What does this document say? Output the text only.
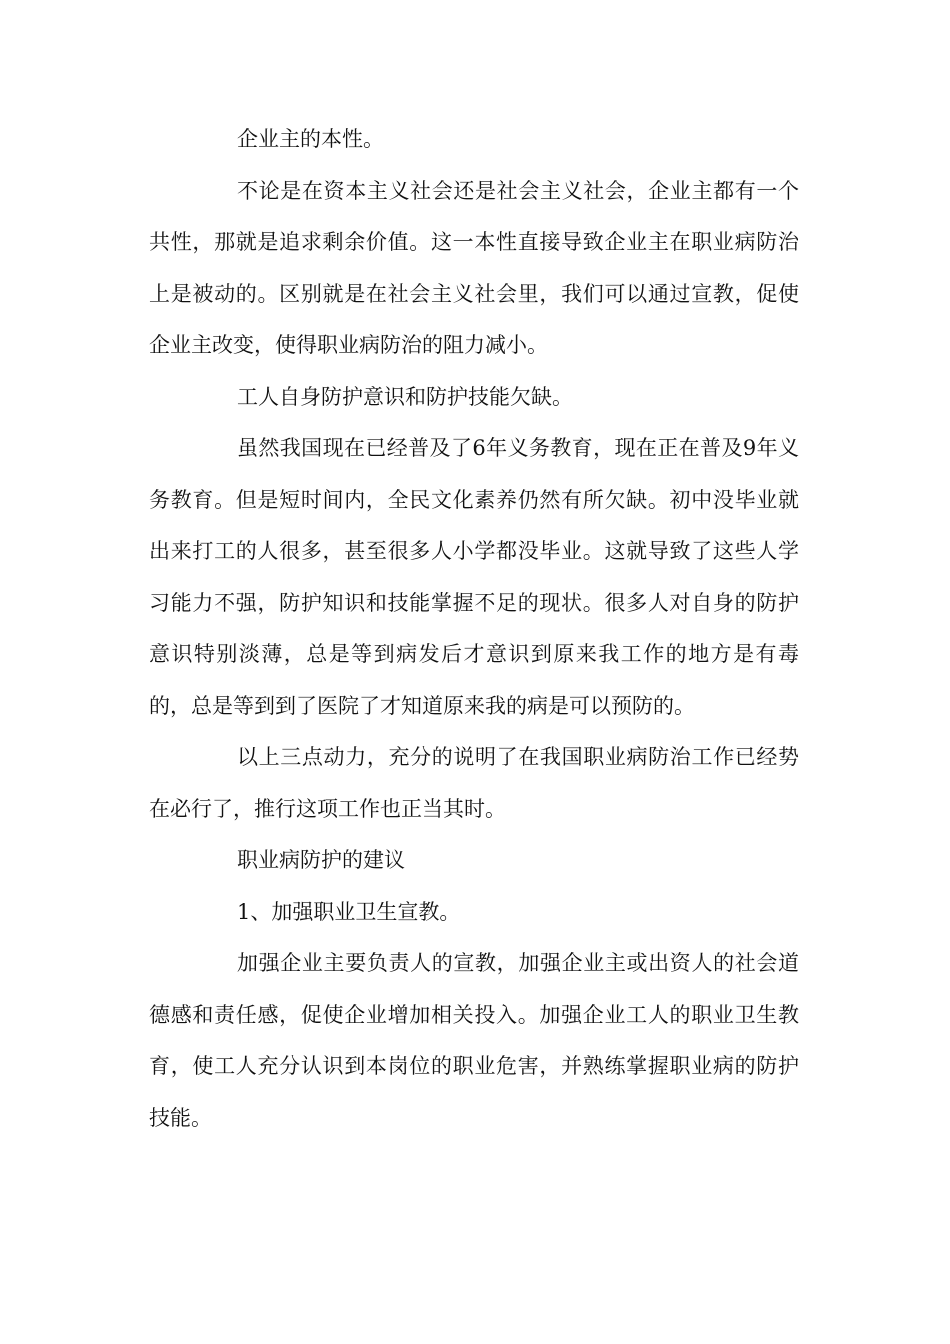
企业主的本性。

不论是在资本主义社会还是社会主义社会，企业主都有一个共性，那就是追求剩余价值。这一本性直接导致企业主在职业病防治上是被动的。区别就是在社会主义社会里，我们可以通过宣教，促使企业主改变，使得职业病防治的阻力减小。

工人自身防护意识和防护技能欠缺。

虽然我国现在已经普及了6年义务教育，现在正在普及9年义务教育。但是短时间内，全民文化素养仍然有所欠缺。初中没毕业就出来打工的人很多，甚至很多人小学都没毕业。这就导致了这些人学习能力不强，防护知识和技能掌握不足的现状。很多人对自身的防护意识特别淡薄，总是等到病发后才意识到原来我工作的地方是有毒的，总是等到到了医院了才知道原来我的病是可以预防的。

以上三点动力，充分的说明了在我国职业病防治工作已经势在必行了，推行这项工作也正当其时。

职业病防护的建议

1、加强职业卫生宣教。

加强企业主要负责人的宣教，加强企业主或出资人的社会道德感和责任感，促使企业增加相关投入。加强企业工人的职业卫生教育，使工人充分认识到本岗位的职业危害，并熟练掌握职业病的防护技能。
